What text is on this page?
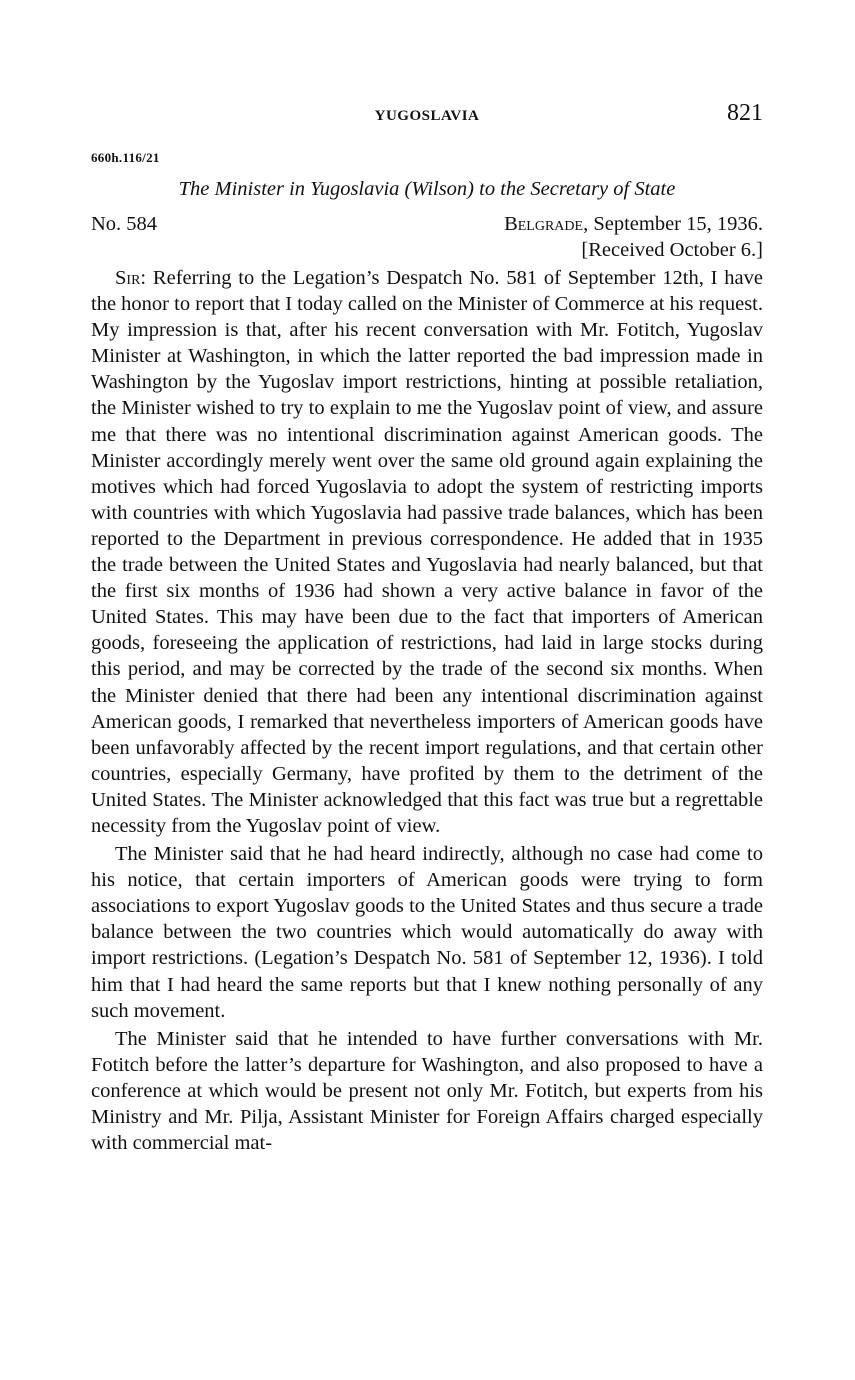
YUGOSLAVIA	821
660h.116/21
The Minister in Yugoslavia (Wilson) to the Secretary of State
No. 584	Belgrade, September 15, 1936.
[Received October 6.]

Sir: Referring to the Legation’s Despatch No. 581 of September 12th, I have the honor to report that I today called on the Minister of Commerce at his request. My impression is that, after his recent conversation with Mr. Fotitch, Yugoslav Minister at Washington, in which the latter reported the bad impression made in Washington by the Yugoslav import restrictions, hinting at possible retaliation, the Minister wished to try to explain to me the Yugoslav point of view, and assure me that there was no intentional discrimination against American goods. The Minister accordingly merely went over the same old ground again explaining the motives which had forced Yugoslavia to adopt the system of restricting imports with countries with which Yugoslavia had passive trade balances, which has been reported to the Department in previous correspondence. He added that in 1935 the trade between the United States and Yugoslavia had nearly balanced, but that the first six months of 1936 had shown a very active balance in favor of the United States. This may have been due to the fact that importers of American goods, foreseeing the application of restrictions, had laid in large stocks during this period, and may be corrected by the trade of the second six months. When the Minister denied that there had been any intentional discrimination against American goods, I remarked that nevertheless importers of American goods have been unfavorably affected by the recent import regulations, and that certain other countries, especially Germany, have profited by them to the detriment of the United States. The Minister acknowledged that this fact was true but a regrettable necessity from the Yugoslav point of view.

The Minister said that he had heard indirectly, although no case had come to his notice, that certain importers of American goods were trying to form associations to export Yugoslav goods to the United States and thus secure a trade balance between the two countries which would automatically do away with import restrictions. (Legation’s Despatch No. 581 of September 12, 1936). I told him that I had heard the same reports but that I knew nothing personally of any such movement.

The Minister said that he intended to have further conversations with Mr. Fotitch before the latter’s departure for Washington, and also proposed to have a conference at which would be present not only Mr. Fotitch, but experts from his Ministry and Mr. Pilja, Assistant Minister for Foreign Affairs charged especially with commercial mat-
